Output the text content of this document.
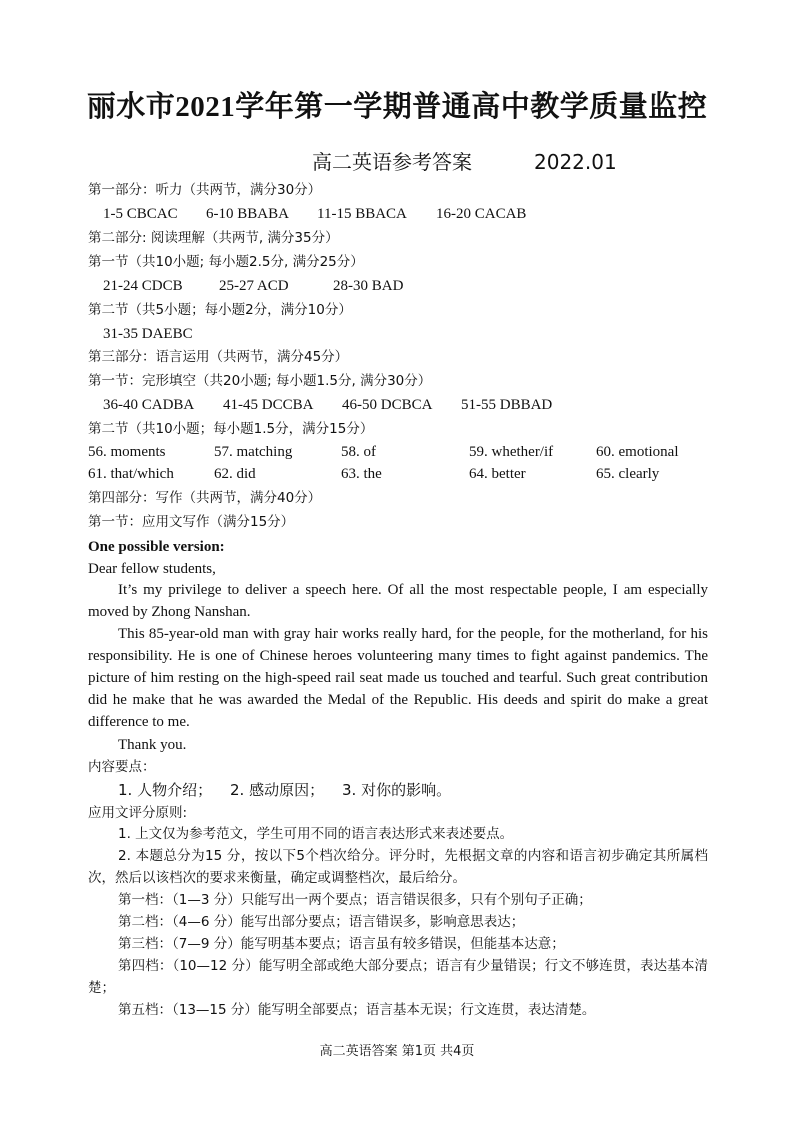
丽水市2021学年第一学期普通高中教学质量监控
高二英语参考答案	2022.01
第一部分：听力（共两节，满分30分）
1-5 CBCAC 6-10 BBABA 11-15 BBACA 16-20 CACAB
第二部分: 阅读理解（共两节, 满分35分）
第一节（共10小题; 每小题2.5分, 满分25分）
21-24 CDCB 25-27 ACD	28-30 BAD
第二节（共5小题；每小题2分，满分10分）
31-35 DAEBC
第三部分：语言运用（共两节，满分45分）
第一节：完形填空（共20小题; 每小题1.5分, 满分30分）
36-40 CADBA 41-45 DCCBA 46-50 DCBCA 51-55 DBBAD
第二节（共10小题；每小题1.5分，满分15分）
56. moments	57. matching	58. of	59. whether/if	60. emotional
61. that/which	62. did	63. the	64. better	65. clearly
第四部分：写作（共两节，满分40分）
第一节：应用文写作（满分15分）
One possible version:
Dear fellow students,
It’s my privilege to deliver a speech here. Of all the most respectable people, I am especially moved by Zhong Nanshan.
This 85-year-old man with gray hair works really hard, for the people, for the motherland, for his responsibility. He is one of Chinese heroes volunteering many times to fight against pandemics. The picture of him resting on the high-speed rail seat made us touched and tearful. Such great contribution did he make that he was awarded the Medal of the Republic. His deeds and spirit do make a great difference to me.
Thank you.
内容要点：
1. 人物介绍； 2. 感动原因； 3. 对你的影响。
应用文评分原则:
1. 上文仅为参考范文，学生可用不同的语言表达形式来表述要点。
2. 本题总分为15 分，按以下5个档次给分。评分时，先根据文章的内容和语言初步确定其所属档次，然后以该档次的要求来衡量，确定或调整档次，最后给分。
第一档：（1—3 分）只能写出一两个要点；语言错误很多，只有个别句子正确；
第二档：（4—6 分）能写出部分要点；语言错误多，影响意思表达；
第三档：（7—9 分）能写明基本要点；语言虽有较多错误，但能基本达意；
第四档：（10—12 分）能写明全部或绝大部分要点；语言有少量错误；行文不够连贯，表达基本清楚；
第五档：（13—15 分）能写明全部要点；语言基本无误；行文连贯，表达清楚。
高二英语答案 第1页 共4页
